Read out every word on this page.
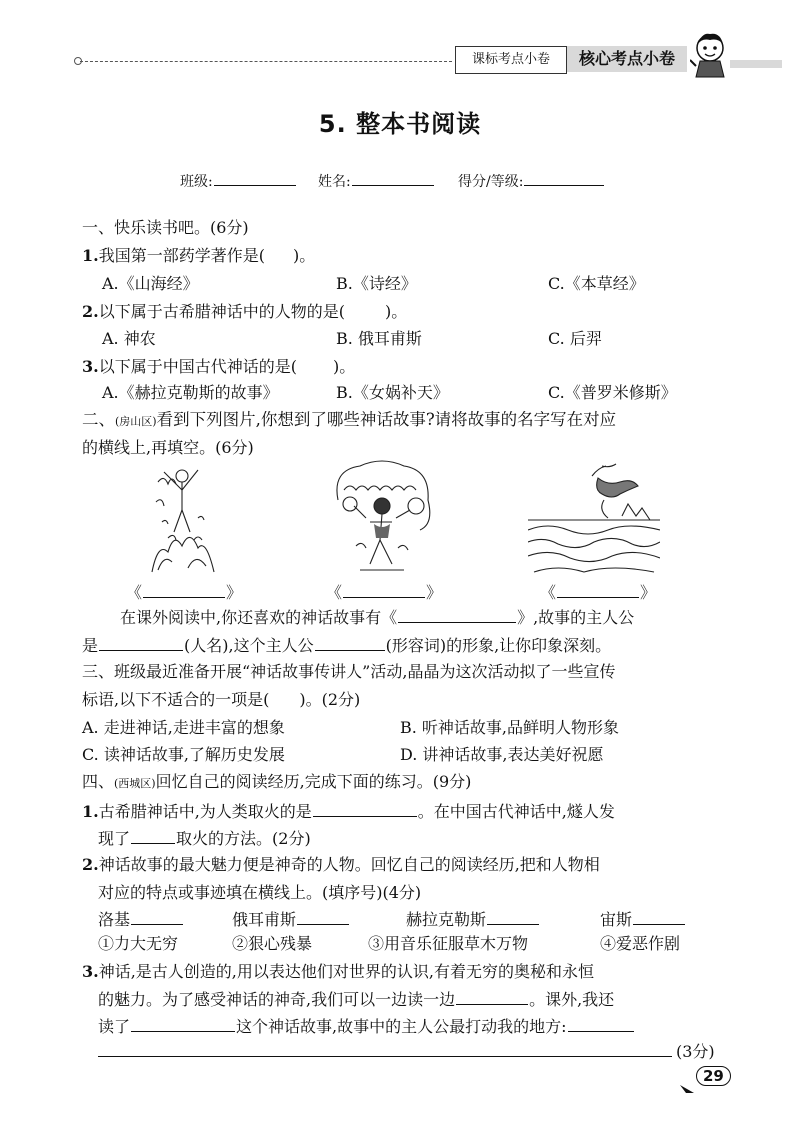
课标考点小卷	核心考点小卷
5. 整本书阅读
班级:	姓名:	得分/等级:
一、快乐读书吧。(6分)
1.我国第一部药学著作是( )。
A.《山海经》	B.《诗经》	C.《本草经》
2.以下属于古希腊神话中的人物的是(	)。
A. 神农	B. 俄耳甫斯	C. 后羿
3.以下属于中国古代神话的是( )。
A.《赫拉克勒斯的故事》	B.《女娲补天》	C.《普罗米修斯》
二、(房山区)看到下列图片,你想到了哪些神话故事?请将故事的名字写在对应
的横线上,再填空。(6分)
《	》	《	》	《	》
在课外阅读中,你还喜欢的神话故事有《	》,故事的主人公
是	(人名),这个主人公	(形容词)的形象,让你印象深刻。
三、班级最近准备开展“神话故事传讲人”活动,晶晶为这次活动拟了一些宣传
标语,以下不适合的一项是( )。(2分)
A. 走进神话,走进丰富的想象	B. 听神话故事,品鲜明人物形象
C. 读神话故事,了解历史发展	D. 讲神话故事,表达美好祝愿
四、(西城区)回忆自己的阅读经历,完成下面的练习。(9分)
1.古希腊神话中,为人类取火的是	。在中国古代神话中,燧人发
现了	取火的方法。(2分)
2.神话故事的最大魅力便是神奇的人物。回忆自己的阅读经历,把和人物相
对应的特点或事迹填在横线上。(填序号)(4分)
洛基	俄耳甫斯	赫拉克勒斯	宙斯
①力大无穷	②狠心残暴	③用音乐征服草木万物	④爱恶作剧
3.神话,是古人创造的,用以表达他们对世界的认识,有着无穷的奥秘和永恒
的魅力。为了感受神话的神奇,我们可以一边读一边	。课外,我还
读了	这个神话故事,故事中的主人公最打动我的地方:
(3分)
29
